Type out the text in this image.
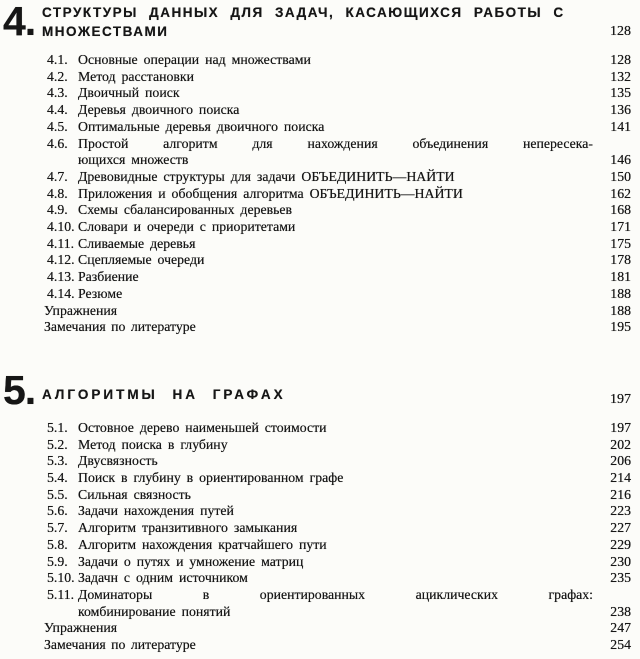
4. СТРУКТУРЫ ДАННЫХ ДЛЯ ЗАДАЧ, КАСАЮЩИХСЯ РАБОТЫ С
МНОЖЕСТВАМИ	128
4.1. Основные операции над множествами	128
4.2. Метод расстановки	132
4.3. Двоичный поиск	135
4.4. Деревья двоичного поиска	136
4.5. Оптимальные деревья двоичного поиска	141
4.6. Простой алгоритм для нахождения объединения непересека-
ющихся множеств	146
4.7. Древовидные структуры для задачи ОБЪЕДИНИТЬ—НАЙТИ	150
4.8. Приложения и обобщения алгоритма ОБЪЕДИНИТЬ—НАЙТИ	162
4.9. Схемы сбалансированных деревьев	168
4.10. Словари и очереди с приоритетами	171
4.11. Сливаемые деревья	175
4.12. Сцепляемые очереди	178
4.13. Разбиение	181
4.14. Резюме	188
Упражнения	188
Замечания по литературе	195
5. АЛГОРИТМЫ НА ГРАФАХ	197
5.1. Остовное дерево наименьшей стоимости	197
5.2. Метод поиска в глубину	202
5.3. Двусвязность	206
5.4. Поиск в глубину в ориентированном графе	214
5.5. Сильная связность	216
5.6. Задачи нахождения путей	223
5.7. Алгоритм транзитивного замыкания	227
5.8. Алгоритм нахождения кратчайшего пути	229
5.9. Задачи о путях и умножение матриц	230
5.10. Задачн с одним источником	235
5.11. Доминаторы в ориентированных ациклических графах:
комбинирование понятий	238
Упражнения	247
Замечания по литературе	254
